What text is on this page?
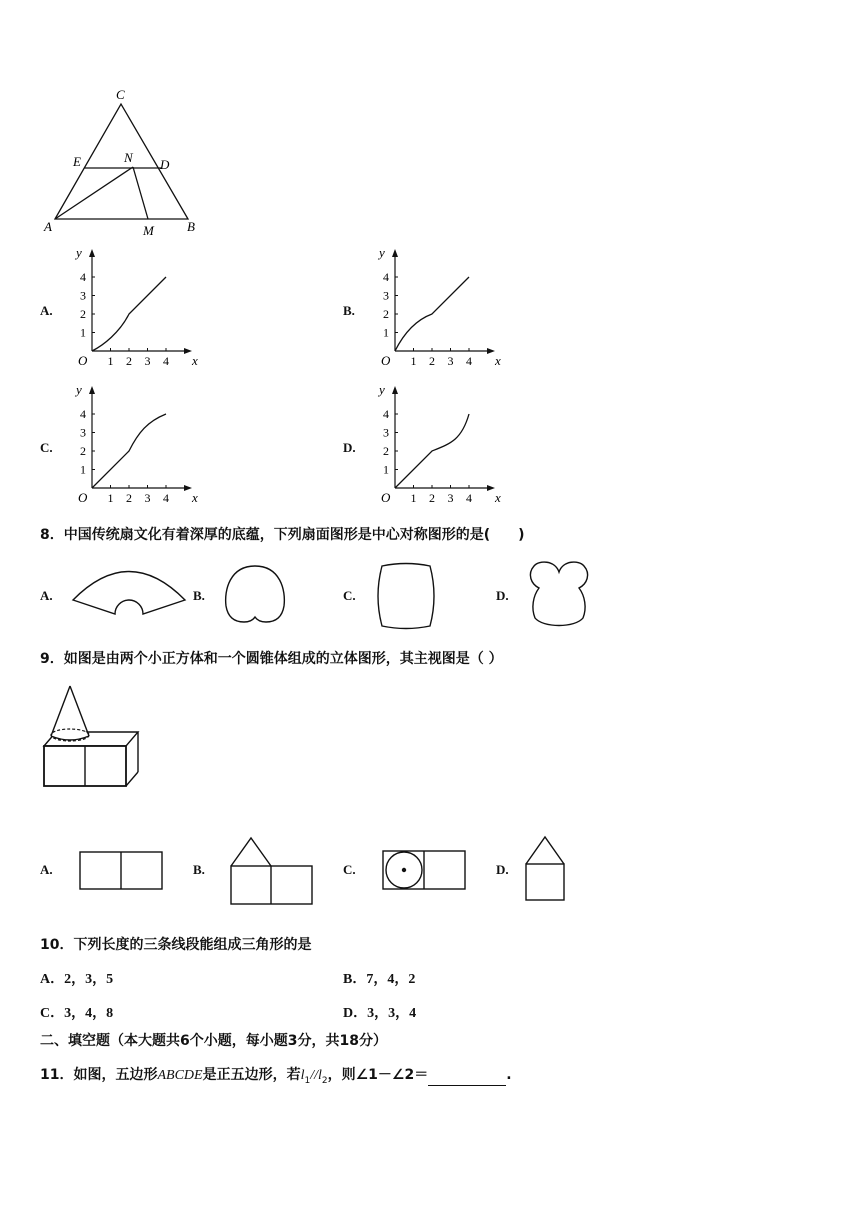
C
E	N D
A	M	B
A.	B.
C.	D.
1
1
2
2
3
3
4
4
O	x
y
1
1
2
2
3
3
4
4
O	x
y
1
1
2
2
3
3
4
4
O	x
y
1
1
2
2
3
3
4
4
O	x
y
8．中国传统扇文化有着深厚的底蕴，下列扇面图形是中心对称图形的是(　　)
A.	B.	C.	D.
9．如图是由两个小正方体和一个圆锥体组成的立体图形，其主视图是（ ）
A.	B.	C.	D.
10．下列长度的三条线段能组成三角形的是
A．2，3，5	B．7，4，2
C．3，4，8	D．3，3，4
二、填空题（本大题共6个小题，每小题3分，共18分）
11．如图，五边形ABCDE是正五边形，若$l_1//l_2$，则∠1－∠2＝	.
